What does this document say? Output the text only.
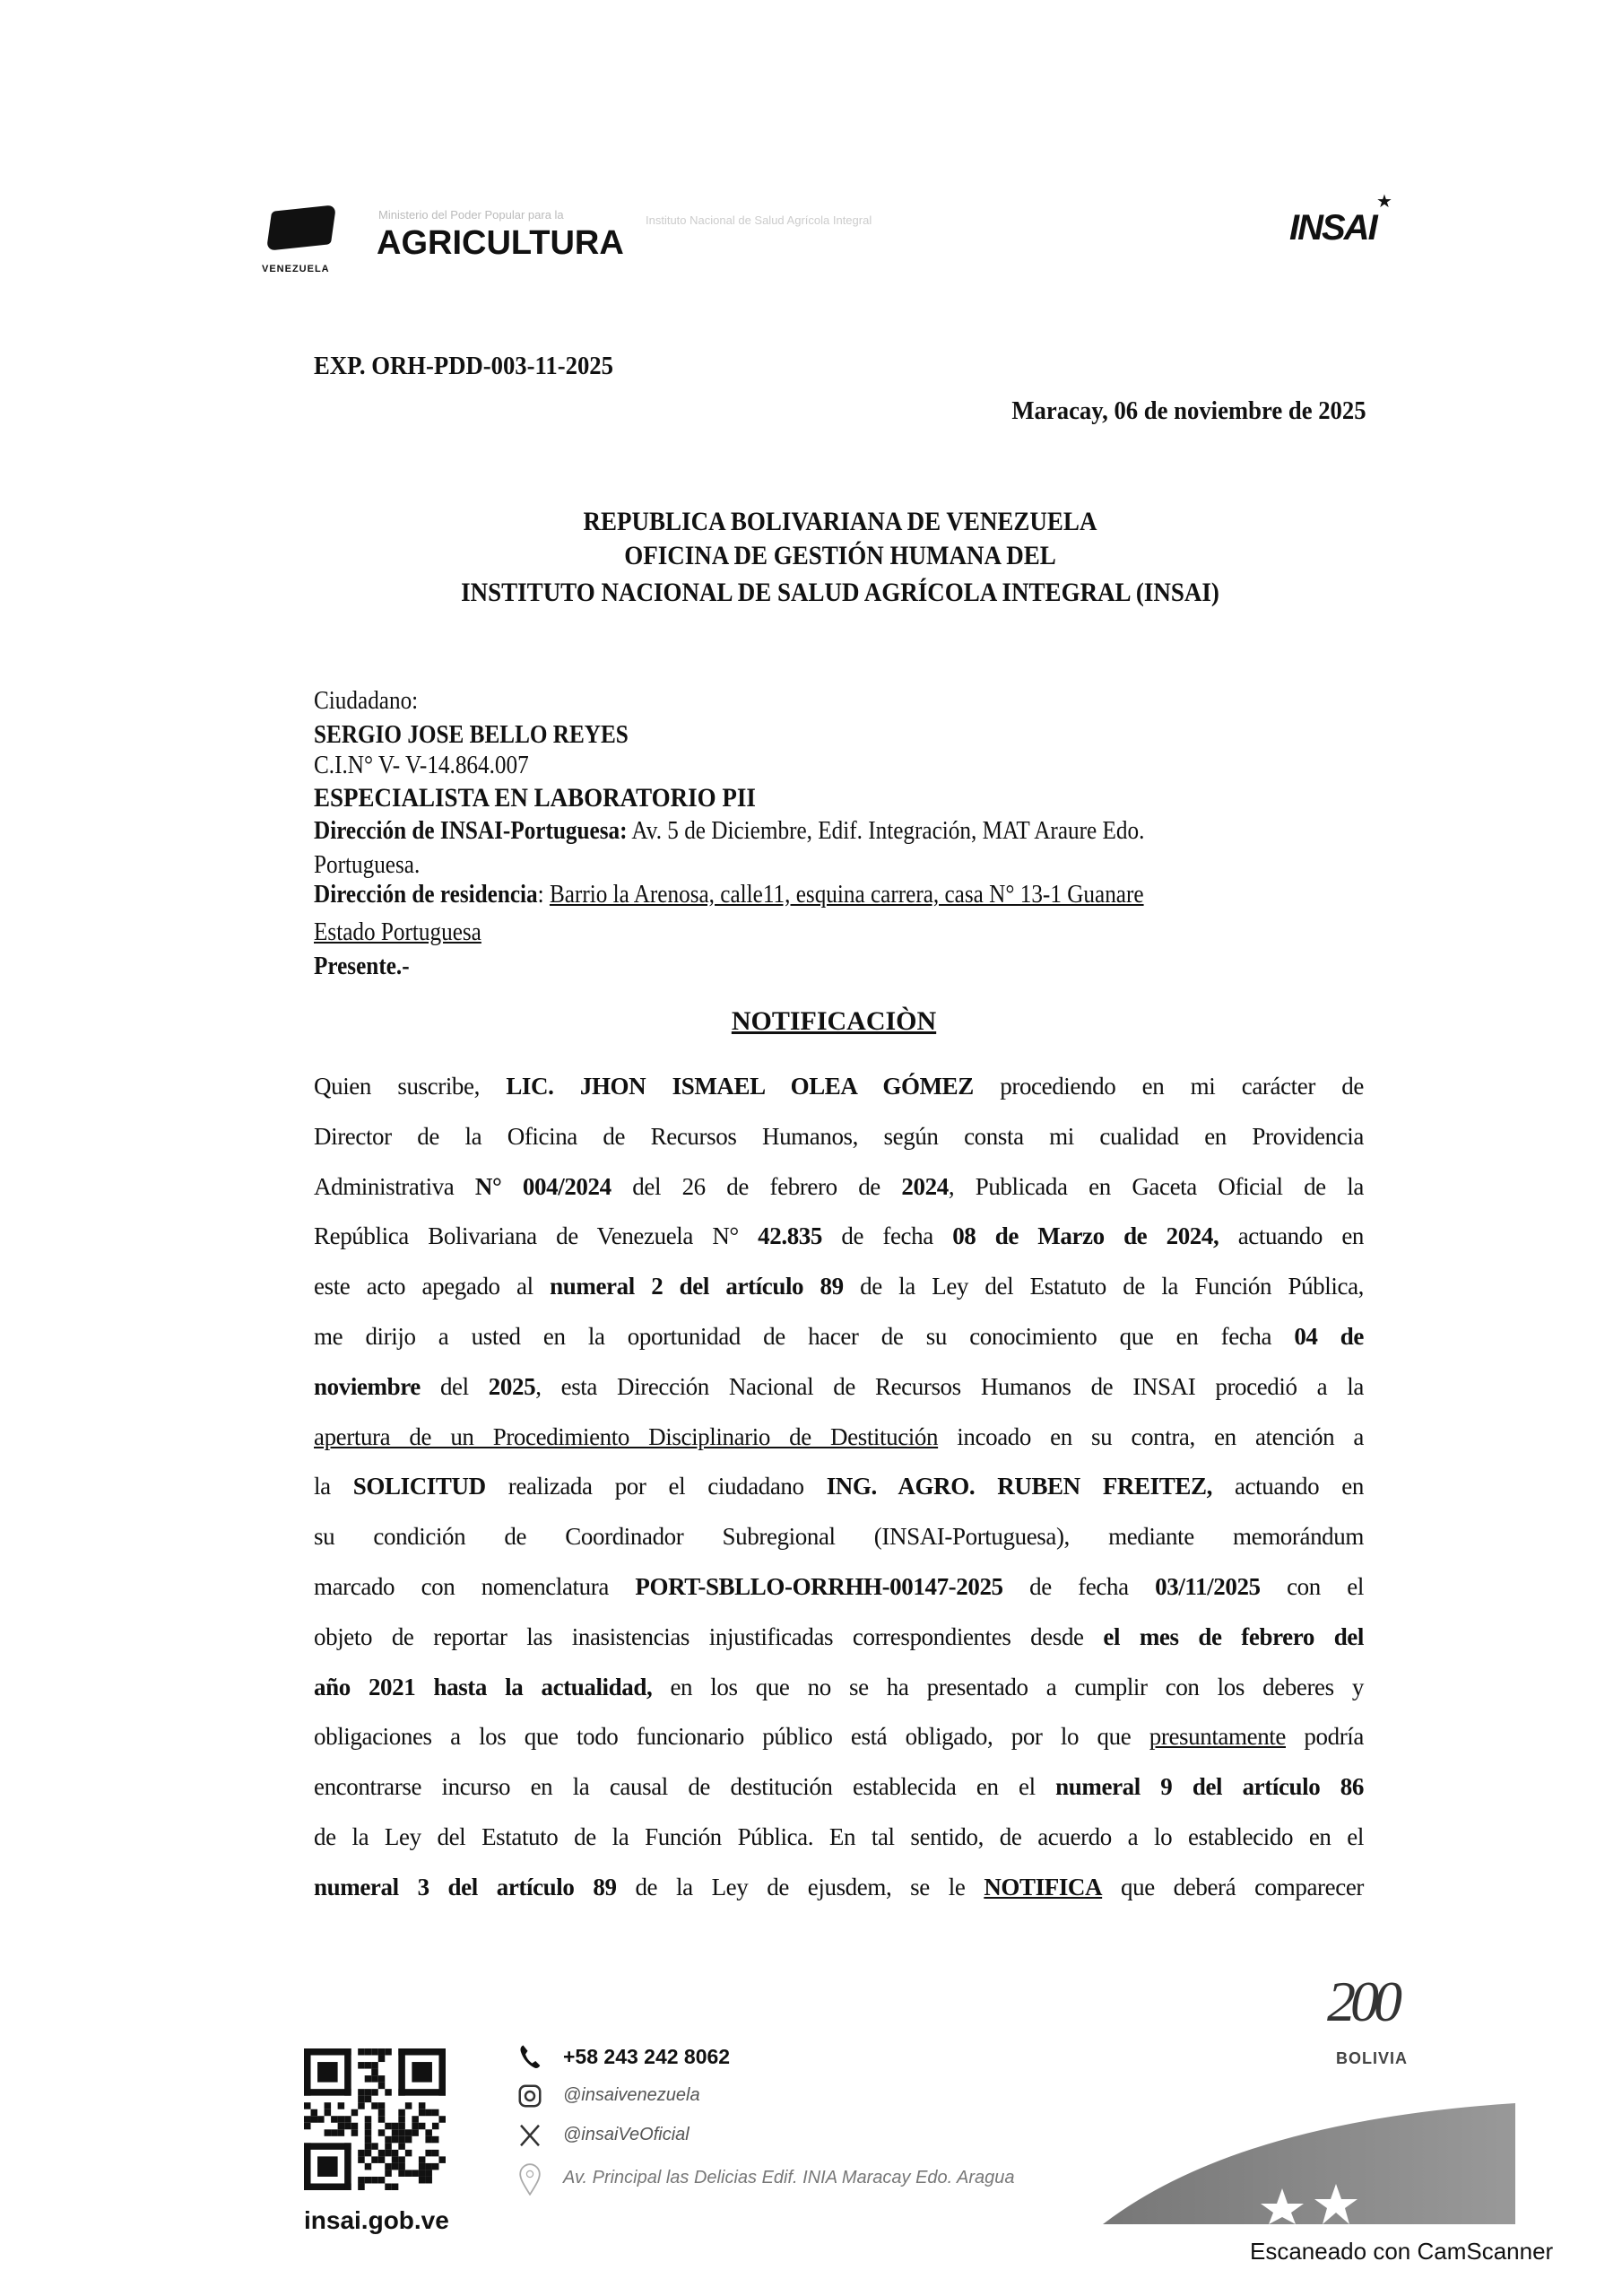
VENEZUELA
Ministerio del Poder Popular para la
AGRICULTURA
Instituto Nacional de Salud Agrícola Integral	INSAI
★
EXP. ORH-PDD-003-11-2025
Maracay, 06 de noviembre de 2025
REPUBLICA BOLIVARIANA DE VENEZUELA
OFICINA DE GESTIÓN HUMANA DEL
INSTITUTO NACIONAL DE SALUD AGRÍCOLA INTEGRAL (INSAI)
Ciudadano:
SERGIO JOSE BELLO REYES
C.I.N° V- V-14.864.007
ESPECIALISTA EN LABORATORIO PII
Dirección de INSAI-Portuguesa: Av. 5 de Diciembre, Edif. Integración, MAT Araure Edo.
Portuguesa.
Dirección de residencia: Barrio la Arenosa, calle11, esquina carrera, casa N° 13-1 Guanare
Estado Portuguesa
Presente.-
NOTIFICACIÒN
Quien suscribe, LIC. JHON ISMAEL OLEA GÓMEZ procediendo en mi carácter de
Director de la Oficina de Recursos Humanos, según consta mi cualidad en Providencia
Administrativa N° 004/2024 del 26 de febrero de 2024, Publicada en Gaceta Oficial de la
República Bolivariana de Venezuela N° 42.835 de fecha 08 de Marzo de 2024, actuando en
este acto apegado al numeral 2 del artículo 89 de la Ley del Estatuto de la Función Pública,
me dirijo a usted en la oportunidad de hacer de su conocimiento que en fecha 04 de
noviembre del 2025, esta Dirección Nacional de Recursos Humanos de INSAI procedió a la
apertura de un Procedimiento Disciplinario de Destitución incoado en su contra, en atención a
la SOLICITUD realizada por el ciudadano ING. AGRO. RUBEN FREITEZ, actuando en
su condición de Coordinador Subregional (INSAI-Portuguesa), mediante memorándum
marcado con nomenclatura PORT-SBLLO-ORRHH-00147-2025 de fecha 03/11/2025 con el
objeto de reportar las inasistencias injustificadas correspondientes desde el mes de febrero del
año 2021 hasta la actualidad, en los que no se ha presentado a cumplir con los deberes y
obligaciones a los que todo funcionario público está obligado, por lo que presuntamente podría
encontrarse incurso en la causal de destitución establecida en el numeral 9 del artículo 86
de la Ley del Estatuto de la Función Pública. En tal sentido, de acuerdo a lo establecido en el
numeral 3 del artículo 89 de la Ley de ejusdem, se le NOTIFICA que deberá comparecer
insai.gob.ve
+58 243 242 8062
@insaivenezuela
@insaiVeOficial
Av. Principal las Delicias Edif. INIA Maracay Edo. Aragua
200
BOLIVIA
Escaneado con CamScanner
